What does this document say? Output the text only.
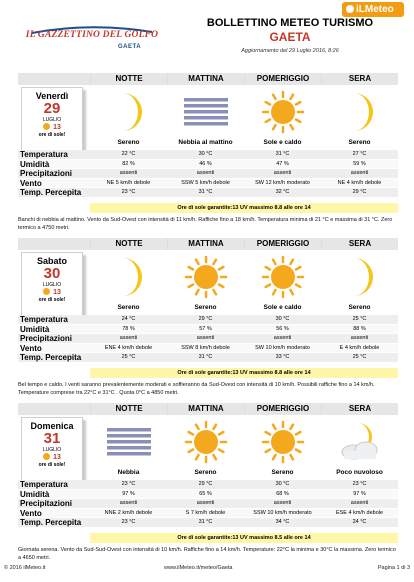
IL GAZZETTINO DEL GOLFO
GAETA
iLMeteo
BOLLETTINO METEO TURISMO
GAETA
Aggiornamento del 29 Luglio 2016, 8:26
NOTTE	MATTINA	POMERIGGIO	SERA
Venerdì
29
LUGLIO
13
ore di sole!
Sereno	Nebbia al mattino	Sole e caldo	Sereno
Temperatura	22 °C	30 °C	31 °C	27 °C
Umidità	82 %	46 %	47 %	59 %
Precipitazioni	assenti	assenti	assenti	assenti
Vento	NE 5 km/h debole	SSW 5 km/h debole	SW 12 km/h moderato	NE 4 km/h debole
Temp. Percepita	23 °C	31 °C	32 °C	29 °C
Ore di sole garantite:13 UV massimo 8.8 alle ore 14
Banchi di nebbia al mattino. Vento da Sud-Ovest con intensità di 11 km/h. Raffiche fino a 18 km/h. Temperatura minima di 21 °C e massima di 31 °C. Zero termico a 4750 metri.
NOTTE	MATTINA	POMERIGGIO	SERA
Sabato
30
LUGLIO
13
ore di sole!
Sereno	Sereno	Sole e caldo	Sereno
Temperatura	24 °C	29 °C	30 °C	25 °C
Umidità	78 %	57 %	56 %	88 %
Precipitazioni	assenti	assenti	assenti	assenti
Vento	ENE 4 km/h debole	SSW 8 km/h debole	SW 10 km/h moderato	E 4 km/h debole
Temp. Percepita	25 °C	31 °C	33 °C	25 °C
Ore di sole garantite:13 UV massimo 8.8 alle ore 14
Bel tempo e caldo. I venti saranno prevalentemente moderati e soffieranno da Sud-Ovest con intensità di 10 km/h. Possibili raffiche fino a 14 km/h. Temperature comprese tra 22°C e 31°C . Quota 0°C a 4850 metri.
NOTTE	MATTINA	POMERIGGIO	SERA
Domenica
31
LUGLIO
13
ore di sole!
Nebbia	Sereno	Sereno	Poco nuvoloso
Temperatura	23 °C	29 °C	30 °C	23 °C
Umidità	97 %	65 %	68 %	97 %
Precipitazioni	assenti	assenti	assenti	assenti
Vento	NNE 2 km/h debole	S 7 km/h debole	SSW 10 km/h moderato	ESE 4 km/h debole
Temp. Percepita	23 °C	31 °C	34 °C	24 °C
Ore di sole garantite:13 UV massimo 8.5 alle ore 14
Giornata serena. Vento da Sud-Sud-Ovest con intensità di 10 km/h. Raffiche fino a 14 km/h. Temperature: 22°C la minima e 30°C la massima. Zero termico a 4650 metri.
© 2016 ilMeteo.it	www.ilMeteo.it/meteo/Gaeta	Pagina 1 di 3
